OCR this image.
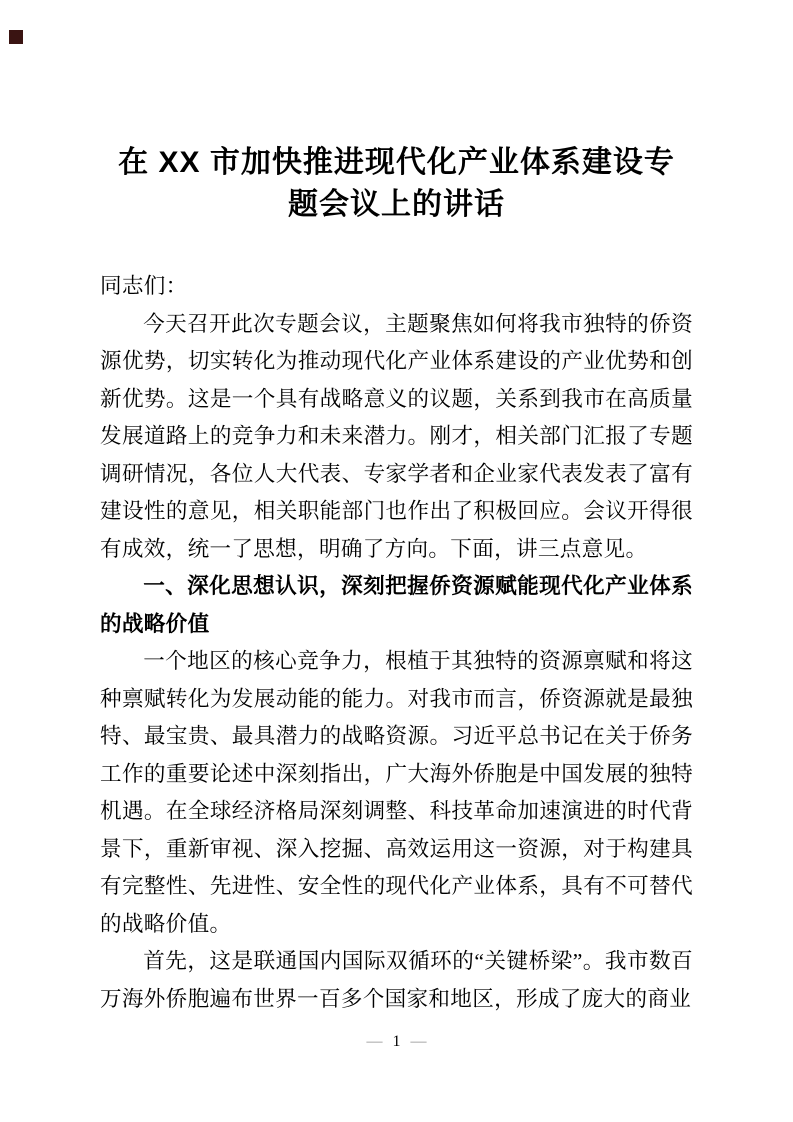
在 XX 市加快推进现代化产业体系建设专
题会议上的讲话

同志们：

今天召开此次专题会议，主题聚焦如何将我市独特的侨资源优势，切实转化为推动现代化产业体系建设的产业优势和创新优势。这是一个具有战略意义的议题，关系到我市在高质量发展道路上的竞争力和未来潜力。刚才，相关部门汇报了专题调研情况，各位人大代表、专家学者和企业家代表发表了富有建设性的意见，相关职能部门也作出了积极回应。会议开得很有成效，统一了思想，明确了方向。下面，讲三点意见。

一、深化思想认识，深刻把握侨资源赋能现代化产业体系的战略价值

一个地区的核心竞争力，根植于其独特的资源禀赋和将这种禀赋转化为发展动能的能力。对我市而言，侨资源就是最独特、最宝贵、最具潜力的战略资源。习近平总书记在关于侨务工作的重要论述中深刻指出，广大海外侨胞是中国发展的独特机遇。在全球经济格局深刻调整、科技革命加速演进的时代背景下，重新审视、深入挖掘、高效运用这一资源，对于构建具有完整性、先进性、安全性的现代化产业体系，具有不可替代的战略价值。

首先，这是联通国内国际双循环的“关键桥梁”。我市数百万海外侨胞遍布世界一百多个国家和地区，形成了庞大的商业

— 1 —
